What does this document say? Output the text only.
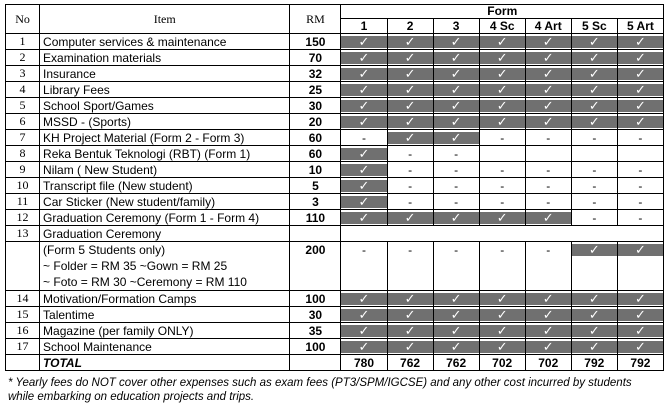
No	Item	RM	Form						
			1	2	3	4 Sc	4 Art	5 Sc	5 Art
1	Computer services & maintenance	150	✓	✓	✓	✓	✓	✓	✓

2	Examination materials	70	✓	✓	✓	✓	✓	✓	✓

3	Insurance	32	✓	✓	✓	✓	✓	✓	✓

4	Library Fees	25	✓	✓	✓	✓	✓	✓	✓

5	School Sport/Games	30	✓	✓	✓	✓	✓	✓	✓

6	MSSD - (Sports)	20	✓	✓	✓	✓	✓	✓	✓

7	KH Project Material (Form 2 - Form 3)	60	-	✓	✓	-	-	-	-
8	Reka Bentuk Teknologi (RBT) (Form 1)	60	✓	-	-				
9	Nilam ( New Student)	10	✓	-	-	-	-	-	-
10	Transcript file (New student)	5	✓	-	-	-	-	-	-
11	Car Sticker (New student/family)	3	✓	-	-	-	-	-	-
12	Graduation Ceremony (Form 1 - Form 4)	110	✓	✓	✓	✓	✓	-	-
13	Graduation Ceremony								

	(Form 5 Students only)
~ Folder = RM 35 ~Gown = RM 25
~ Foto = RM 30 ~Ceremony = RM 110	200	-	-	-	-	-	✓	✓

14	Motivation/Formation Camps	100	✓	✓	✓	✓	✓	✓	✓

15	Talentime	30	✓	✓	✓	✓	✓	✓	✓

16	Magazine (per family ONLY)	35	✓	✓	✓	✓	✓	✓	✓

17	School Maintenance	100	✓	✓	✓	✓	✓	✓	✓

	TOTAL		780	762	762	702	702	792	792
* Yearly fees do NOT cover other expenses such as exam fees (PT3/SPM/IGCSE) and any other cost incurred by students
while embarking on education projects and trips.
